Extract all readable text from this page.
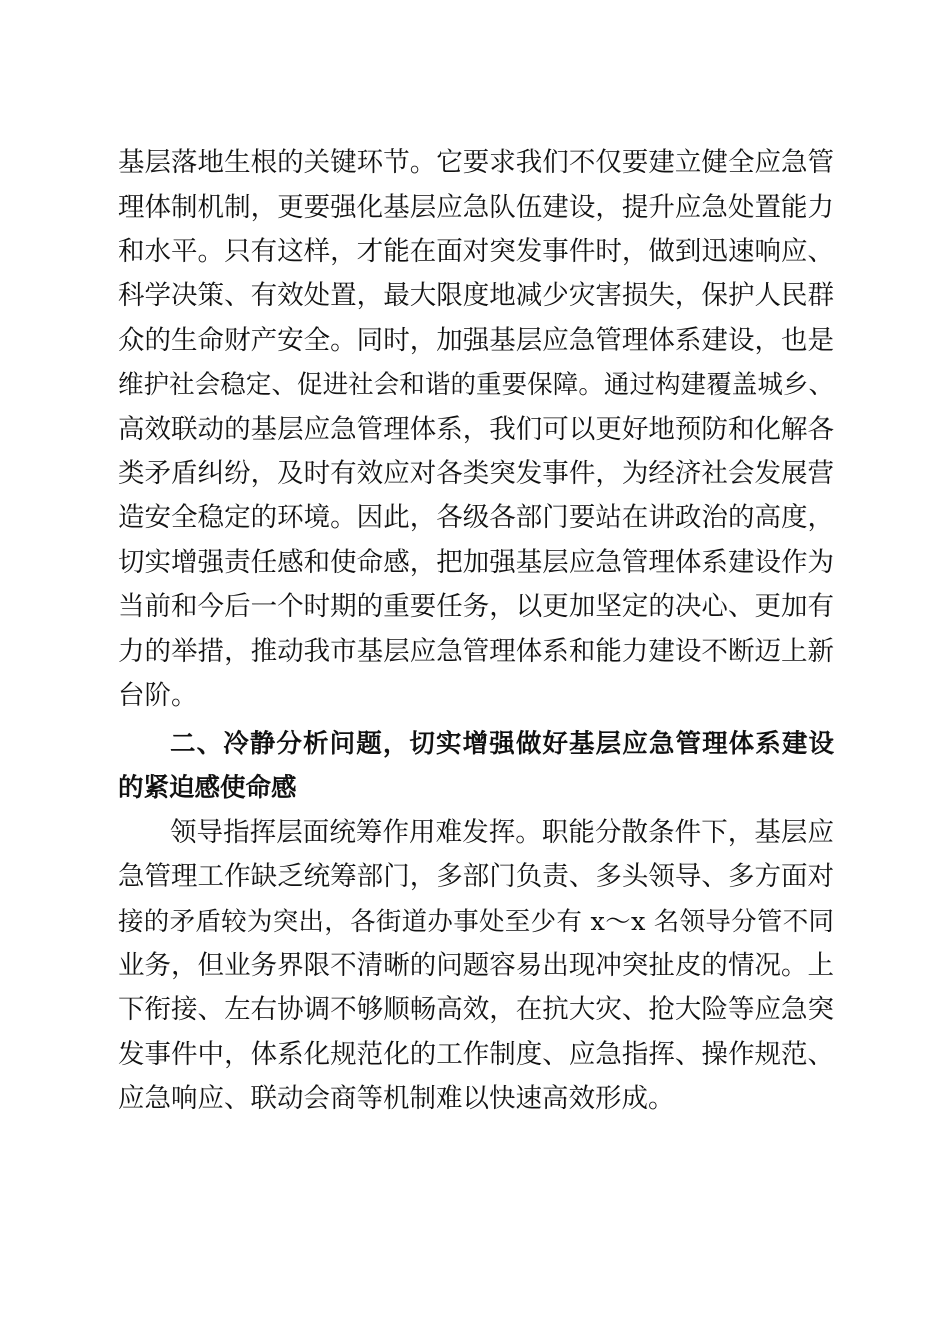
基层落地生根的关键环节。它要求我们不仅要建立健全应急管
理体制机制，更要强化基层应急队伍建设，提升应急处置能力
和水平。只有这样，才能在面对突发事件时，做到迅速响应、
科学决策、有效处置，最大限度地减少灾害损失，保护人民群
众的生命财产安全。同时，加强基层应急管理体系建设，也是
维护社会稳定、促进社会和谐的重要保障。通过构建覆盖城乡、
高效联动的基层应急管理体系，我们可以更好地预防和化解各
类矛盾纠纷，及时有效应对各类突发事件，为经济社会发展营
造安全稳定的环境。因此，各级各部门要站在讲政治的高度，
切实增强责任感和使命感，把加强基层应急管理体系建设作为
当前和今后一个时期的重要任务，以更加坚定的决心、更加有
力的举措，推动我市基层应急管理体系和能力建设不断迈上新
台阶。
二、冷静分析问题，切实增强做好基层应急管理体系建设
的紧迫感使命感
领导指挥层面统筹作用难发挥。职能分散条件下，基层应
急管理工作缺乏统筹部门，多部门负责、多头领导、多方面对
接的矛盾较为突出，各街道办事处至少有 x～x 名领导分管不同
业务，但业务界限不清晰的问题容易出现冲突扯皮的情况。上
下衔接、左右协调不够顺畅高效，在抗大灾、抢大险等应急突
发事件中，体系化规范化的工作制度、应急指挥、操作规范、
应急响应、联动会商等机制难以快速高效形成。
